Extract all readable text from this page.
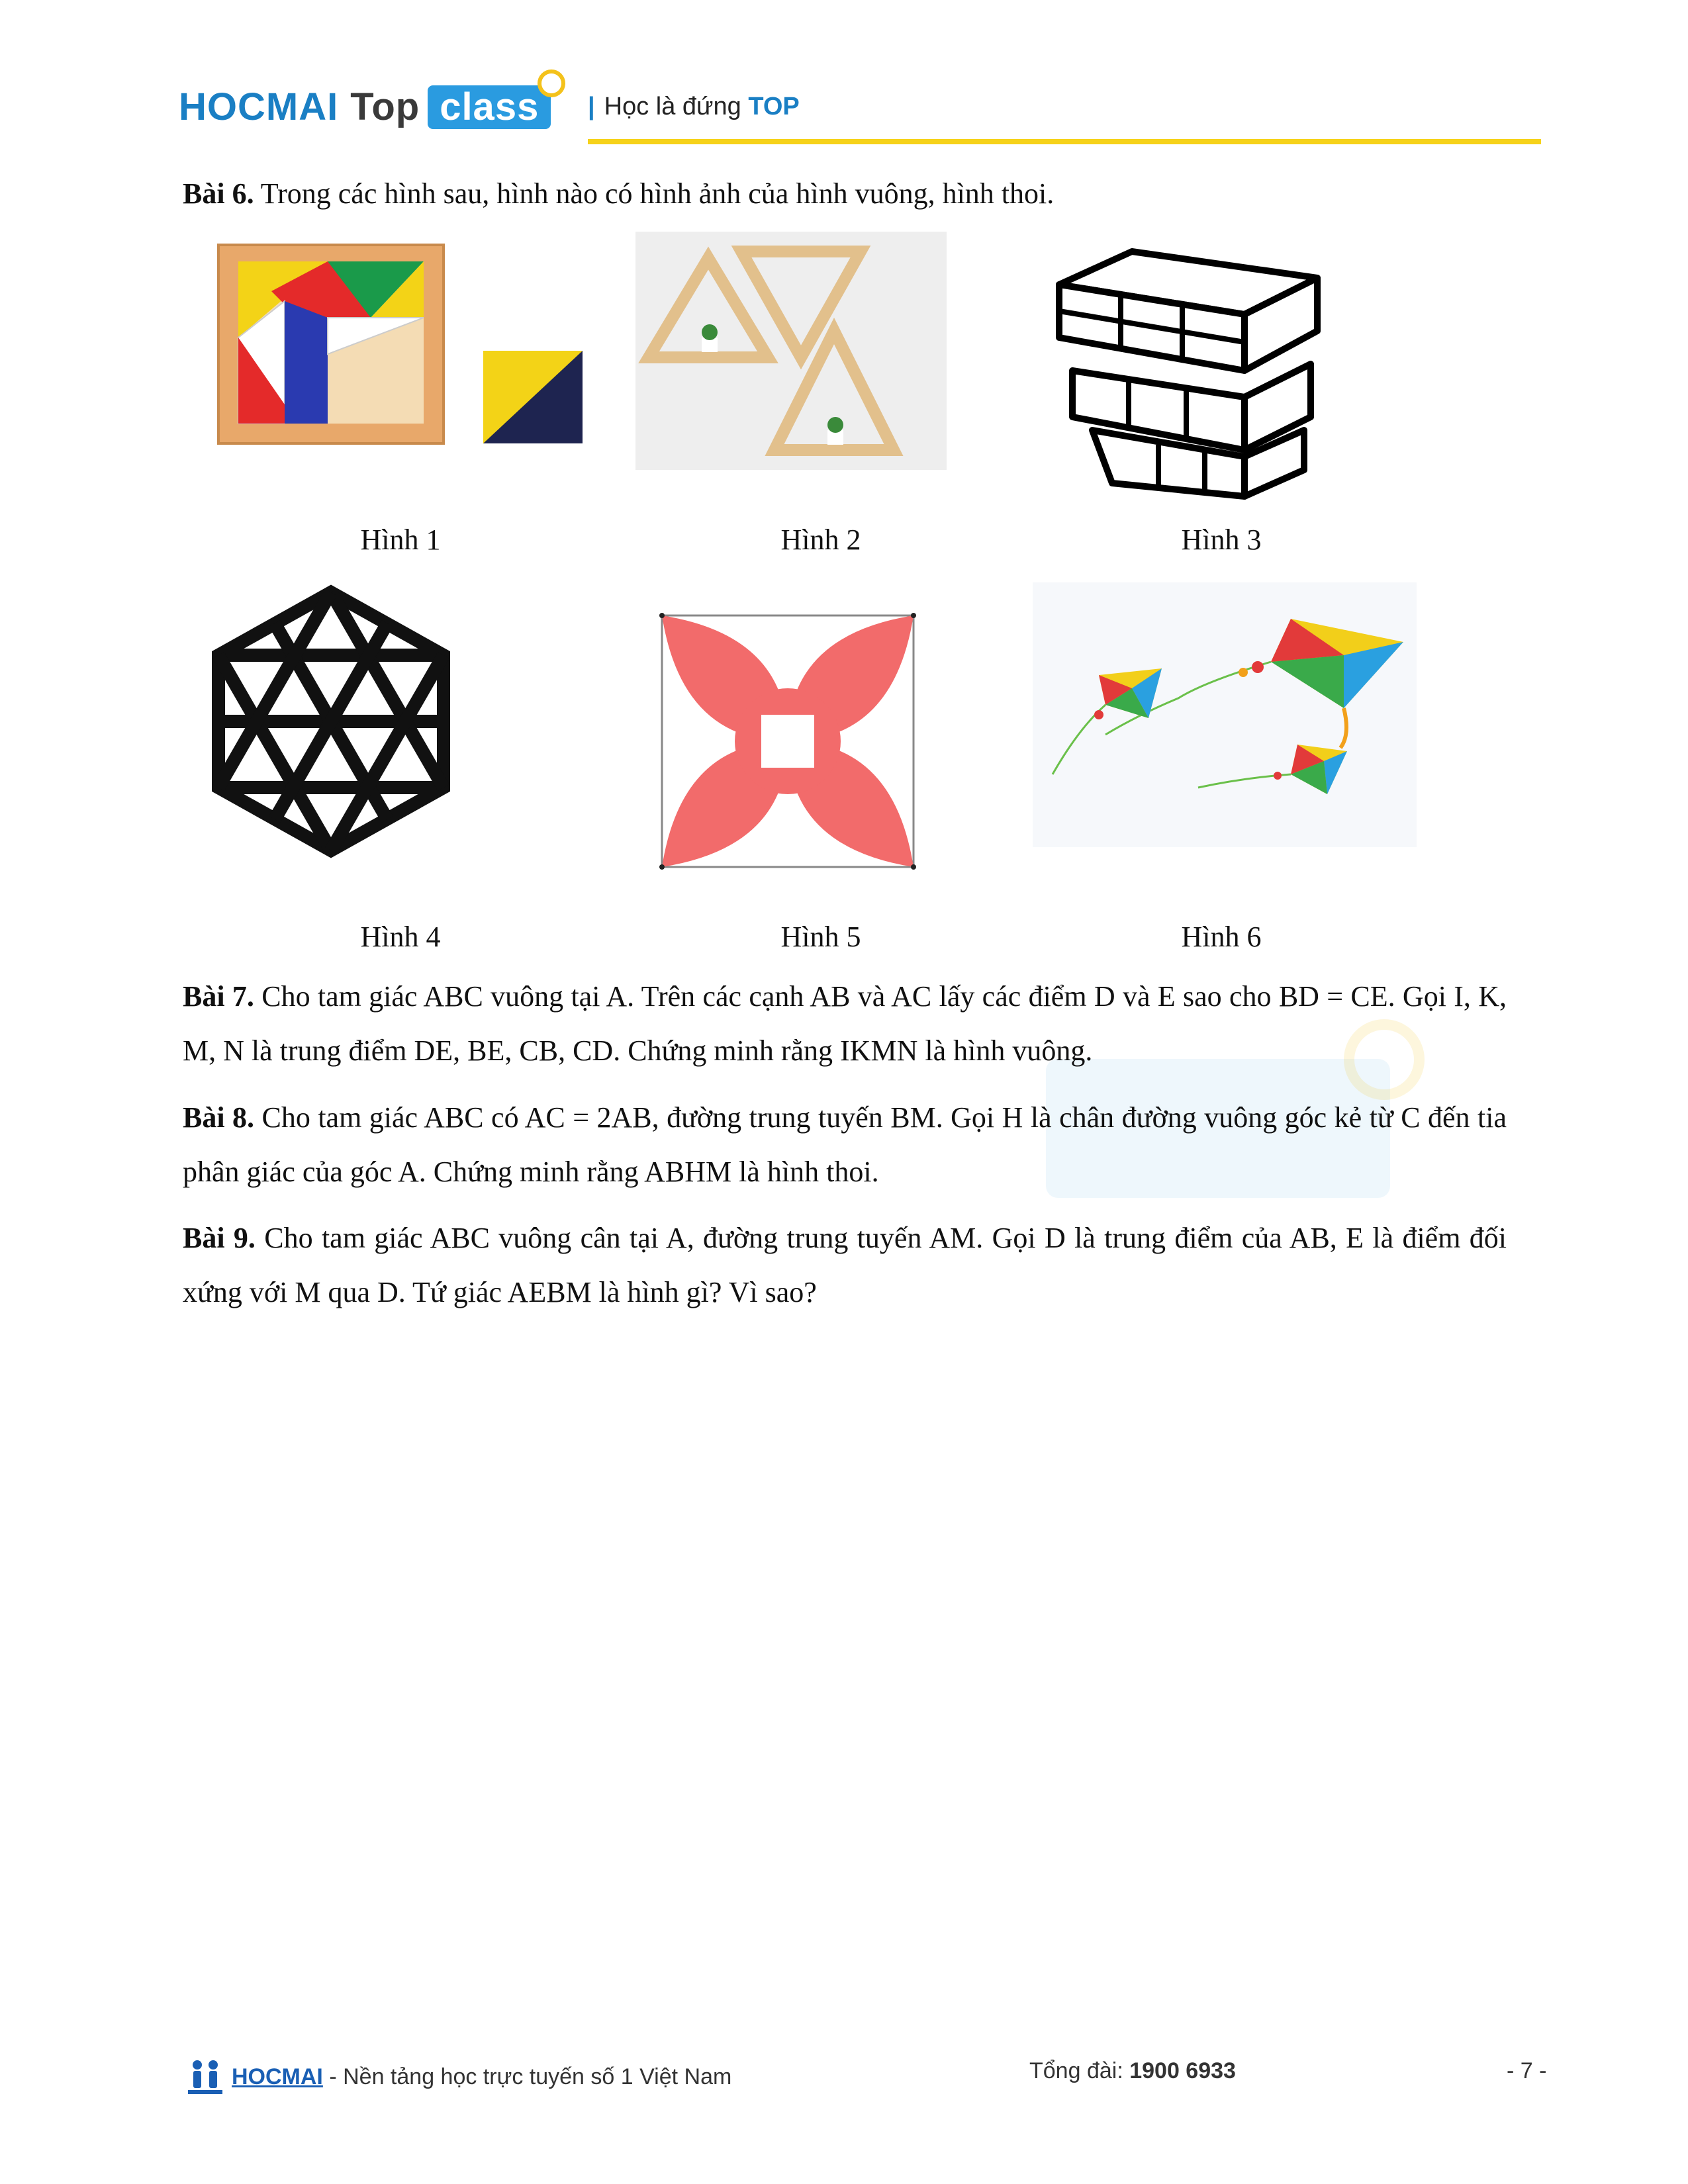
HOCMAI Top class	| Học là đứng TOP
Bài 6. Trong các hình sau, hình nào có hình ảnh của hình vuông, hình thoi.
Hình 1	Hình 2	Hình 3
Hình 4	Hình 5	Hình 6
Bài 7. Cho tam giác ABC vuông tại A. Trên các cạnh AB và AC lấy các điểm D và E sao cho BD = CE. Gọi I, K, M, N là trung điểm DE, BE, CB, CD. Chứng minh rằng IKMN là hình vuông.
Bài 8. Cho tam giác ABC có AC = 2AB, đường trung tuyến BM. Gọi H là chân đường vuông góc kẻ từ C đến tia phân giác của góc A. Chứng minh rằng ABHM là hình thoi.
Bài 9. Cho tam giác ABC vuông cân tại A, đường trung tuyến AM. Gọi D là trung điểm của AB, E là điểm đối xứng với M qua D. Tứ giác AEBM là hình gì? Vì sao?
HOCMAI
- Nền tảng học trực tuyến số 1 Việt Nam	Tổng đài: 1900 6933	- 7 -
